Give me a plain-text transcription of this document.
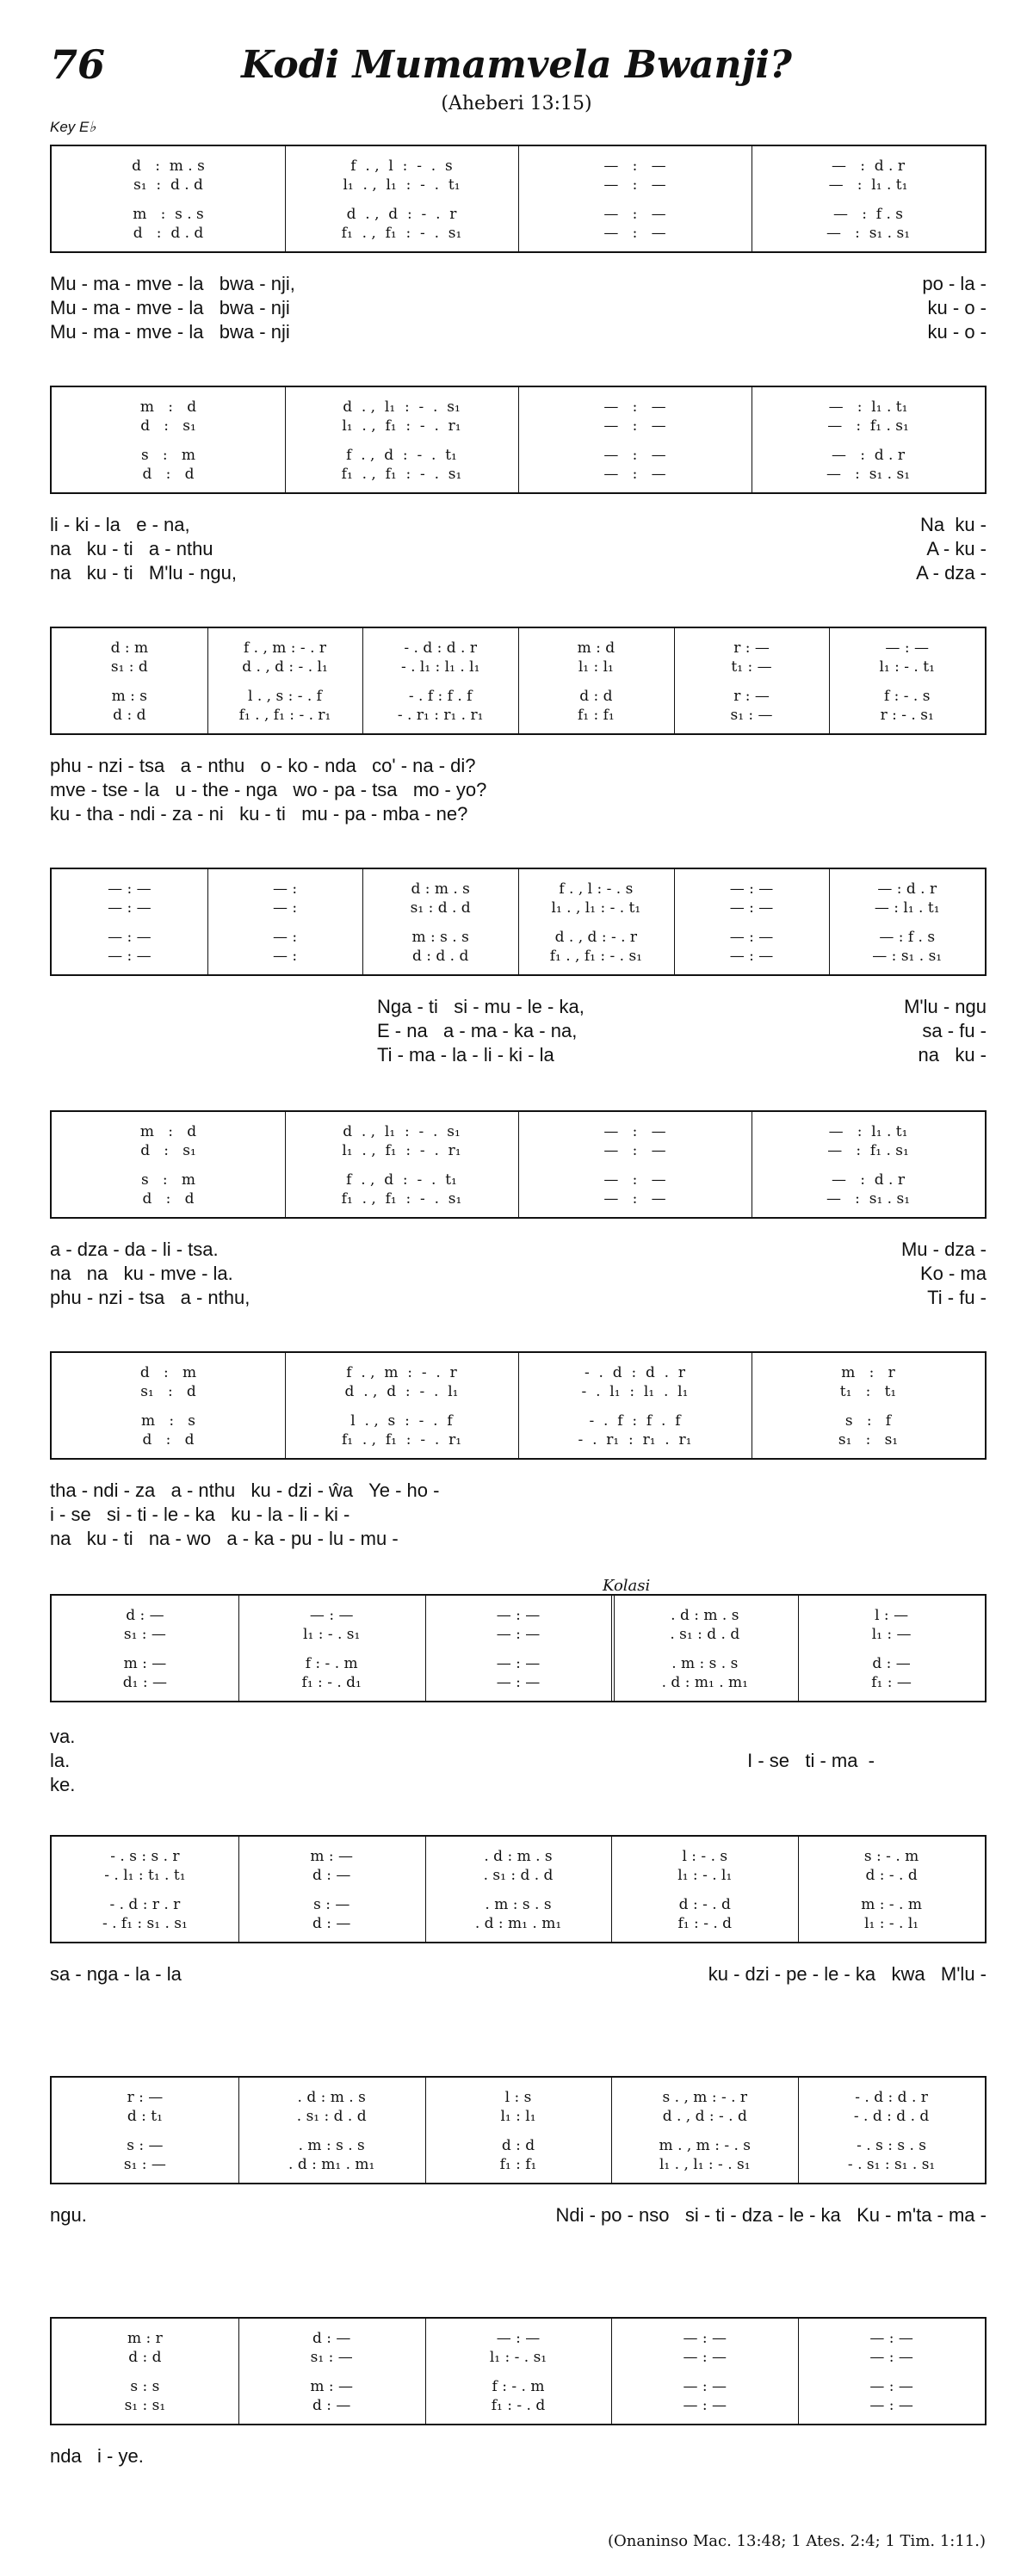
76	Kodi Mumamvela Bwanji?
(Aheberi 13:15)
Key E♭
Kolasi
d   :  m . s	f  . ,  l  :  -  .  s	—   :   —	—   :  d . r
s₁  :  d . d	l₁  . ,  l₁  :  -  .  t₁	—   :   —	—   :  l₁ . t₁
m   :  s . s	d  . ,  d  :  -  .  r	—   :   —	—   :  f . s
d   :  d . d	f₁  . ,  f₁  :  -  .  s₁	—   :   —	—   :  s₁ . s₁
Mu - ma - mve - la   bwa - nji,	po - la -
Mu - ma - mve - la   bwa - nji	ku - o -
Mu - ma - mve - la   bwa - nji	ku - o -
m   :   d	d  . ,  l₁  :  -  .  s₁	—   :   —	—   :  l₁ . t₁
d   :   s₁	l₁  . ,  f₁  :  -  .  r₁	—   :   —	—   :  f₁ . s₁
s   :   m	f  . ,  d  :  -  .  t₁	—   :   —	—   :  d . r
d   :   d	f₁  . ,  f₁  :  -  .  s₁	—   :   —	—   :  s₁ . s₁
li - ki - la   e - na,	Na  ku -
na   ku - ti   a - nthu	A - ku -
na   ku - ti   M'lu - ngu,	A - dza -
d : m	f . , m : - . r	- . d : d . r	m : d	r : —	— : —
s₁ : d	d . , d : - . l₁	- . l₁ : l₁ . l₁	l₁ : l₁	t₁ : —	l₁ : - . t₁
m : s	l . , s : - . f	- . f : f . f	d : d	r : —	f : - . s
d : d	f₁ . , f₁ : - . r₁	- . r₁ : r₁ . r₁	f₁ : f₁	s₁ : —	r : - . s₁
phu - nzi - tsa   a - nthu   o - ko - nda   co' - na - di?
mve - tse - la   u - the - nga   wo - pa - tsa   mo - yo?
ku - tha - ndi - za - ni   ku - ti   mu - pa - mba - ne?
— : —	— :	d : m . s	f . , l : - . s	— : —	— : d . r
— : —	— :	s₁ : d . d	l₁ . , l₁ : - . t₁	— : —	— : l₁ . t₁
— : —	— :	m : s . s	d . , d : - . r	— : —	— : f . s
— : —	— :	d : d . d	f₁ . , f₁ : - . s₁	— : —	— : s₁ . s₁
Nga - ti   si - mu - le - ka,	M'lu - ngu
E - na   a - ma - ka - na,	sa - fu -
Ti - ma - la - li - ki - la	na   ku -
m   :   d	d  . ,  l₁  :  -  .  s₁	—   :   —	—   :  l₁ . t₁
d   :   s₁	l₁  . ,  f₁  :  -  .  r₁	—   :   —	—   :  f₁ . s₁
s   :   m	f  . ,  d  :  -  .  t₁	—   :   —	—   :  d . r
d   :   d	f₁  . ,  f₁  :  -  .  s₁	—   :   —	—   :  s₁ . s₁
a - dza - da - li - tsa.	Mu - dza -
na   na   ku - mve - la.	Ko - ma
phu - nzi - tsa   a - nthu,	Ti - fu -
d   :   m	f  . ,  m  :  -  .  r	-  .  d  :  d  .  r	m   :   r
s₁   :   d	d  . ,  d  :  -  .  l₁	-  .  l₁  :  l₁  .  l₁	t₁   :   t₁
m   :   s	l  . ,  s  :  -  .  f	-  .  f  :  f  .  f	s   :   f
d   :   d	f₁  . ,  f₁  :  -  .  r₁	-  .  r₁  :  r₁  .  r₁	s₁   :   s₁
tha - ndi - za   a - nthu   ku - dzi - ŵa   Ye - ho -
i - se   si - ti - le - ka   ku - la - li - ki -
na   ku - ti   na - wo   a - ka - pu - lu - mu -
d : —	— : —	— : —	. d : m . s	l : —
s₁ : —	l₁ : - . s₁	— : —	. s₁ : d . d	l₁ : —
m : —	f : - . m	— : —	. m : s . s	d : —
d₁ : —	f₁ : - . d₁	— : —	. d : m₁ . m₁	f₁ : —
va.
la.	I - se   ti - ma  -
ke.
- . s : s . r	m : —	. d : m . s	l : - . s	s : - . m
- . l₁ : t₁ . t₁	d : —	. s₁ : d . d	l₁ : - . l₁	d : - . d
- . d : r . r	s : —	. m : s . s	d : - . d	m : - . m
- . f₁ : s₁ . s₁	d : —	. d : m₁ . m₁	f₁ : - . d	l₁ : - . l₁
sa - nga - la - la	ku - dzi - pe - le - ka   kwa   M'lu -
r : —	. d : m . s	l : s	s . , m : - . r	- . d : d . r
d : t₁	. s₁ : d . d	l₁ : l₁	d . , d : - . d	- . d : d . d
s : —	. m : s . s	d : d	m . , m : - . s	- . s : s . s
s₁ : —	. d : m₁ . m₁	f₁ : f₁	l₁ . , l₁ : - . s₁	- . s₁ : s₁ . s₁
ngu.	Ndi - po - nso   si - ti - dza - le - ka   Ku - m'ta - ma -
m : r	d : —	— : —	— : —	— : —
d : d	s₁ : —	l₁ : - . s₁	— : —	— : —
s : s	m : —	f : - . m	— : —	— : —
s₁ : s₁	d : —	f₁ : - . d	— : —	— : —
nda   i - ye.
(Onaninso Mac. 13:48; 1 Ates. 2:4; 1 Tim. 1:11.)
